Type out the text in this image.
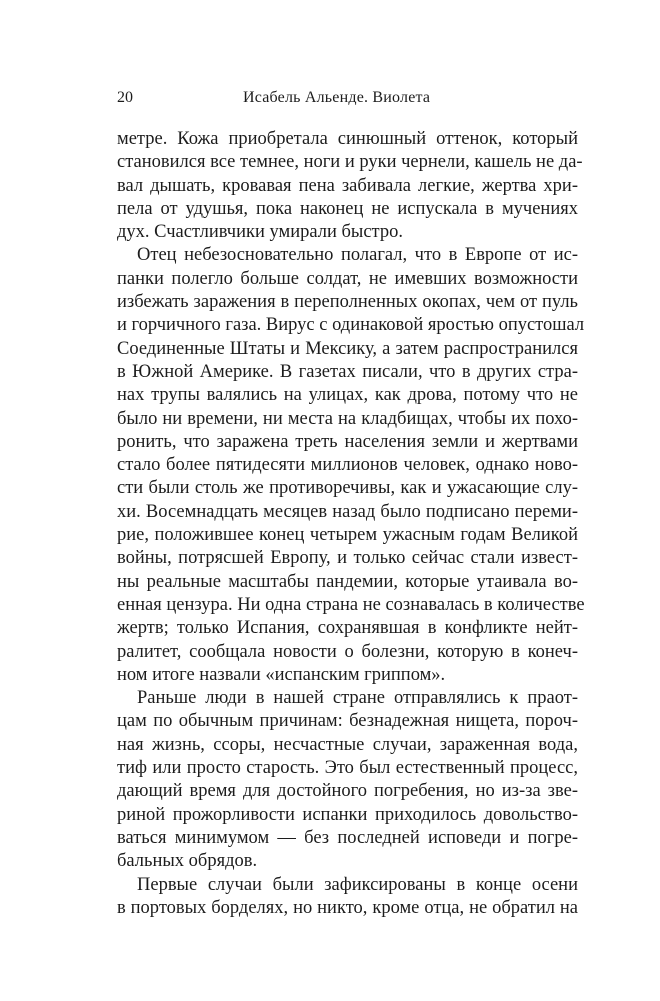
20	Исабель Альенде. Виолета

метре. Кожа приобретала синюшный оттенок, который
становился все темнее, ноги и руки чернели, кашель не да-
вал дышать, кровавая пена забивала легкие, жертва хри-
пела от удушья, пока наконец не испускала в мучениях
дух. Счастливчики умирали быстро.

Отец небезосновательно полагал, что в Европе от ис-
панки полегло больше солдат, не имевших возможности
избежать заражения в переполненных окопах, чем от пуль
и горчичного газа. Вирус с одинаковой яростью опустошал
Соединенные Штаты и Мексику, а затем распространился
в Южной Америке. В газетах писали, что в других стра-
нах трупы валялись на улицах, как дрова, потому что не
было ни времени, ни места на кладбищах, чтобы их похо-
ронить, что заражена треть населения земли и жертвами
стало более пятидесяти миллионов человек, однако ново-
сти были столь же противоречивы, как и ужасающие слу-
хи. Восемнадцать месяцев назад было подписано переми-
рие, положившее конец четырем ужасным годам Великой
войны, потрясшей Европу, и только сейчас стали извест-
ны реальные масштабы пандемии, которые утаивала во-
енная цензура. Ни одна страна не сознавалась в количестве
жертв; только Испания, сохранявшая в конфликте нейт-
ралитет, сообщала новости о болезни, которую в конеч-
ном итоге назвали «испанским гриппом».

Раньше люди в нашей стране отправлялись к праот-
цам по обычным причинам: безнадежная нищета, пороч-
ная жизнь, ссоры, несчастные случаи, зараженная вода,
тиф или просто старость. Это был естественный процесс,
дающий время для достойного погребения, но из-за зве-
риной прожорливости испанки приходилось довольство-
ваться минимумом — без последней исповеди и погре-
бальных обрядов.

Первые случаи были зафиксированы в конце осени
в портовых борделях, но никто, кроме отца, не обратил на
